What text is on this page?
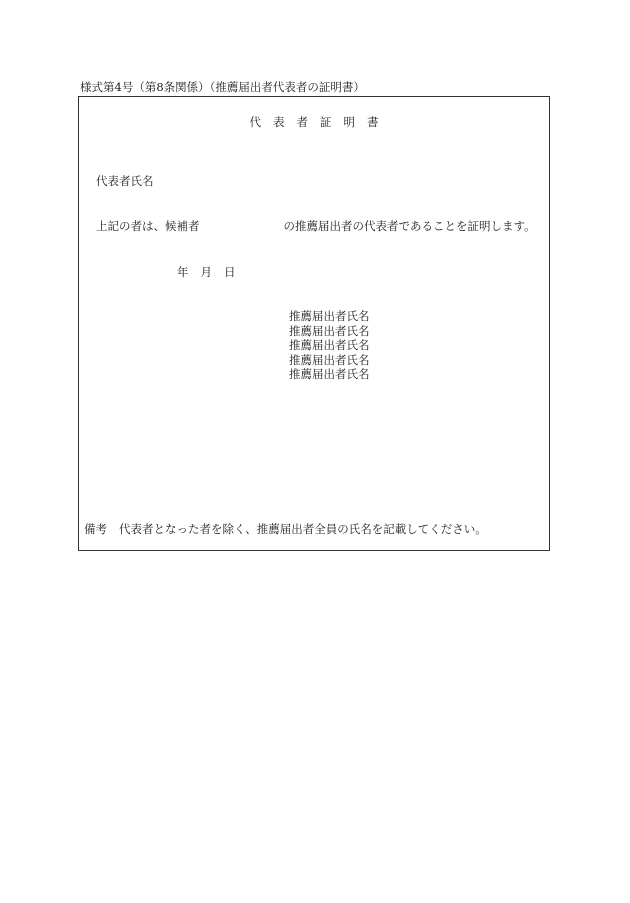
様式第4号（第8条関係）（推薦届出者代表者の証明書）
代表者証明書
代表者氏名
上記の者は、候補者	の推薦届出者の代表者であることを証明します。
年 月 日
推薦届出者氏名
推薦届出者氏名
推薦届出者氏名
推薦届出者氏名
推薦届出者氏名
備考 代表者となった者を除く、推薦届出者全員の氏名を記載してください。
